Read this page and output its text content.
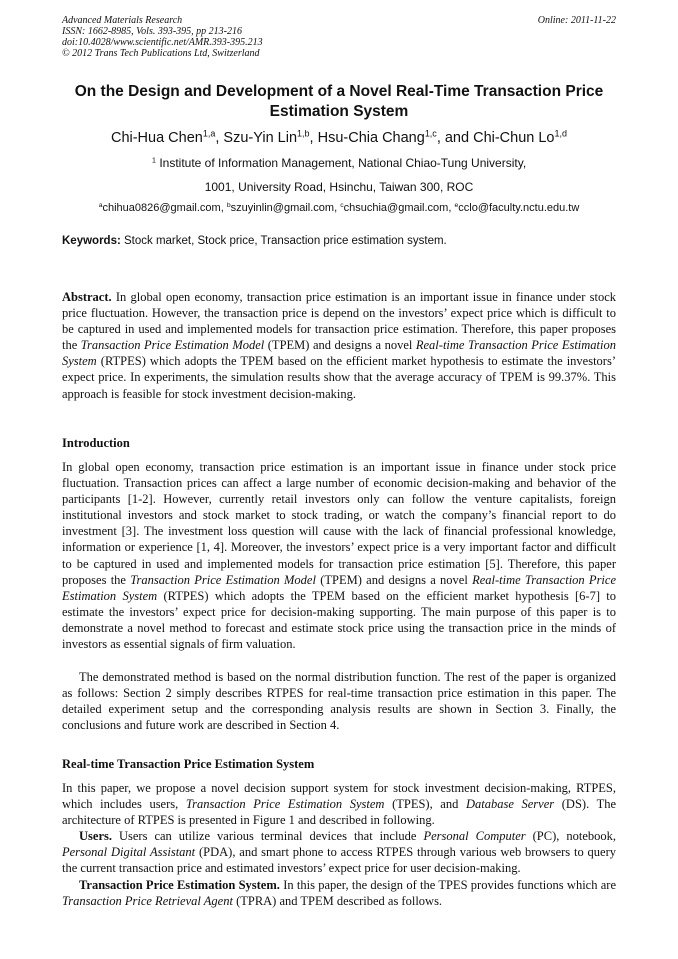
Advanced Materials Research
ISSN: 1662-8985, Vols. 393-395, pp 213-216
doi:10.4028/www.scientific.net/AMR.393-395.213
© 2012 Trans Tech Publications Ltd, Switzerland
Online: 2011-11-22
On the Design and Development of a Novel Real-Time Transaction Price Estimation System
Chi-Hua Chen$^{1,a}$, Szu-Yin Lin$^{1,b}$, Hsu-Chia Chang$^{1,c}$, and Chi-Chun Lo$^{1,d}$
$^1$ Institute of Information Management, National Chiao-Tung University,
1001, University Road, Hsinchu, Taiwan 300, ROC
$^a$chihua0826@gmail.com, $^b$szuyinlin@gmail.com, $^c$chsuchia@gmail.com, $^e$cclo@faculty.nctu.edu.tw
Keywords: Stock market, Stock price, Transaction price estimation system.

Abstract. In global open economy, transaction price estimation is an important issue in finance under stock price fluctuation. However, the transaction price is depend on the investors’ expect price which is difficult to be captured in used and implemented models for transaction price estimation. Therefore, this paper proposes the Transaction Price Estimation Model (TPEM) and designs a novel Real-time Transaction Price Estimation System (RTPES) which adopts the TPEM based on the efficient market hypothesis to estimate the investors’ expect price. In experiments, the simulation results show that the average accuracy of TPEM is 99.37%. This approach is feasible for stock investment decision-making.

Introduction

In global open economy, transaction price estimation is an important issue in finance under stock price fluctuation. Transaction prices can affect a large number of economic decision-making and behavior of the participants [1-2]. However, currently retail investors only can follow the venture capitalists, foreign institutional investors and stock market to stock trading, or watch the company’s financial report to do investment [3]. The investment loss question will cause with the lack of financial professional knowledge, information or experience [1, 4]. Moreover, the investors’ expect price is a very important factor and difficult to be captured in used and implemented models for transaction price estimation [5]. Therefore, this paper proposes the Transaction Price Estimation Model (TPEM) and designs a novel Real-time Transaction Price Estimation System (RTPES) which adopts the TPEM based on the efficient market hypothesis [6-7] to estimate the investors’ expect price for decision-making supporting. The main purpose of this paper is to demonstrate a novel method to forecast and estimate stock price using the transaction price in the minds of investors as essential signals of firm valuation.

The demonstrated method is based on the normal distribution function. The rest of the paper is organized as follows: Section 2 simply describes RTPES for real-time transaction price estimation in this paper. The detailed experiment setup and the corresponding analysis results are shown in Section 3. Finally, the conclusions and future work are described in Section 4.

Real-time Transaction Price Estimation System

In this paper, we propose a novel decision support system for stock investment decision-making, RTPES, which includes users, Transaction Price Estimation System (TPES), and Database Server (DS). The architecture of RTPES is presented in Figure 1 and described in following.

Users. Users can utilize various terminal devices that include Personal Computer (PC), notebook, Personal Digital Assistant (PDA), and smart phone to access RTPES through various web browsers to query the current transaction price and estimated investors’ expect price for user decision-making.

Transaction Price Estimation System. In this paper, the design of the TPES provides functions which are Transaction Price Retrieval Agent (TPRA) and TPEM described as follows.
